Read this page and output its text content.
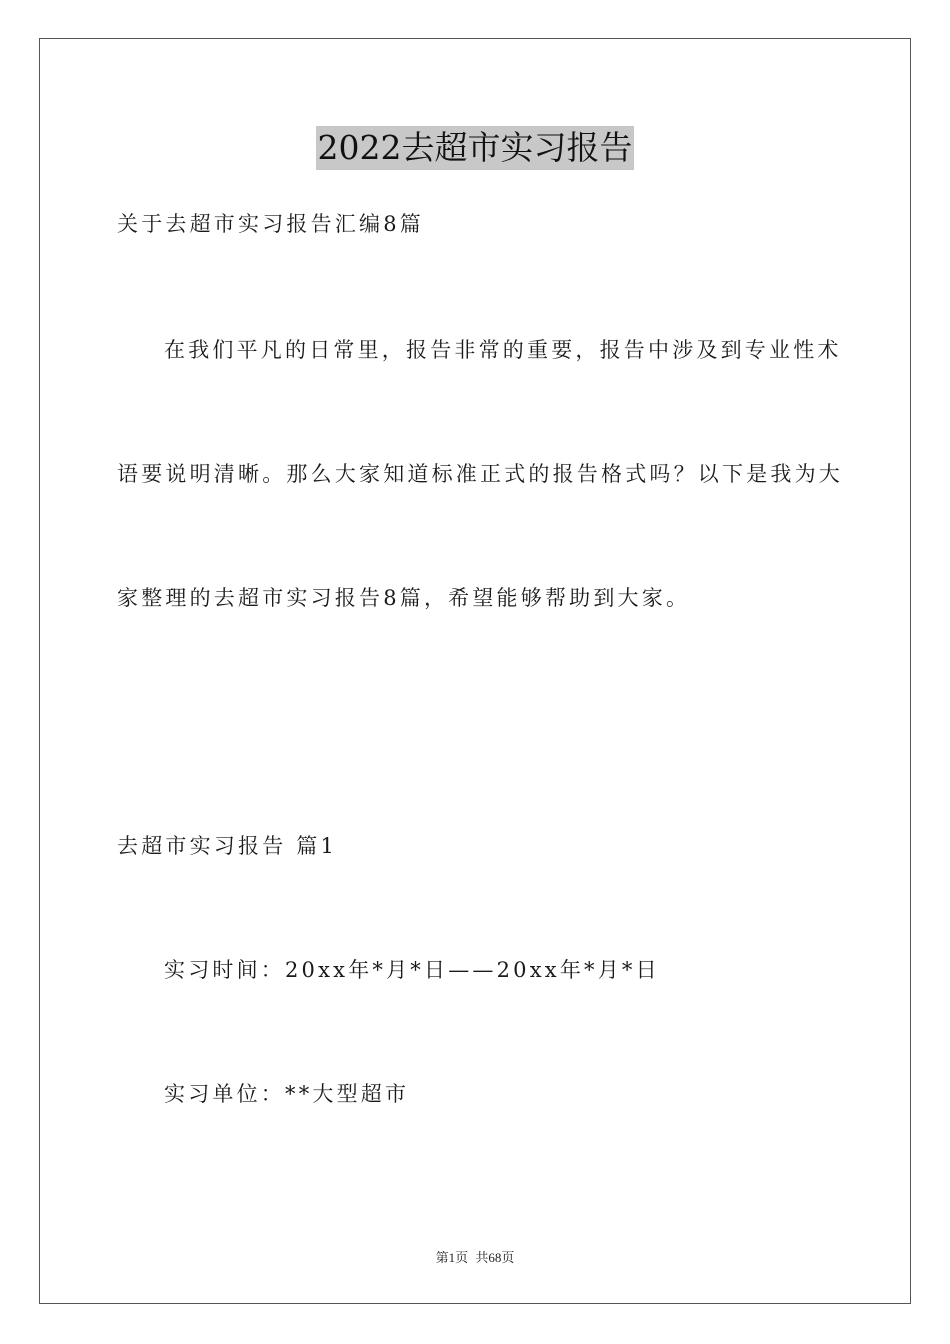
2022去超市实习报告
关于去超市实习报告汇编8篇
在我们平凡的日常里，报告非常的重要，报告中涉及到专业性术
语要说明清晰。那么大家知道标准正式的报告格式吗？以下是我为大
家整理的去超市实习报告8篇，希望能够帮助到大家。
去超市实习报告 篇1
实习时间：20xx年*月*日——20xx年*月*日
实习单位：**大型超市
第1页 共68页
